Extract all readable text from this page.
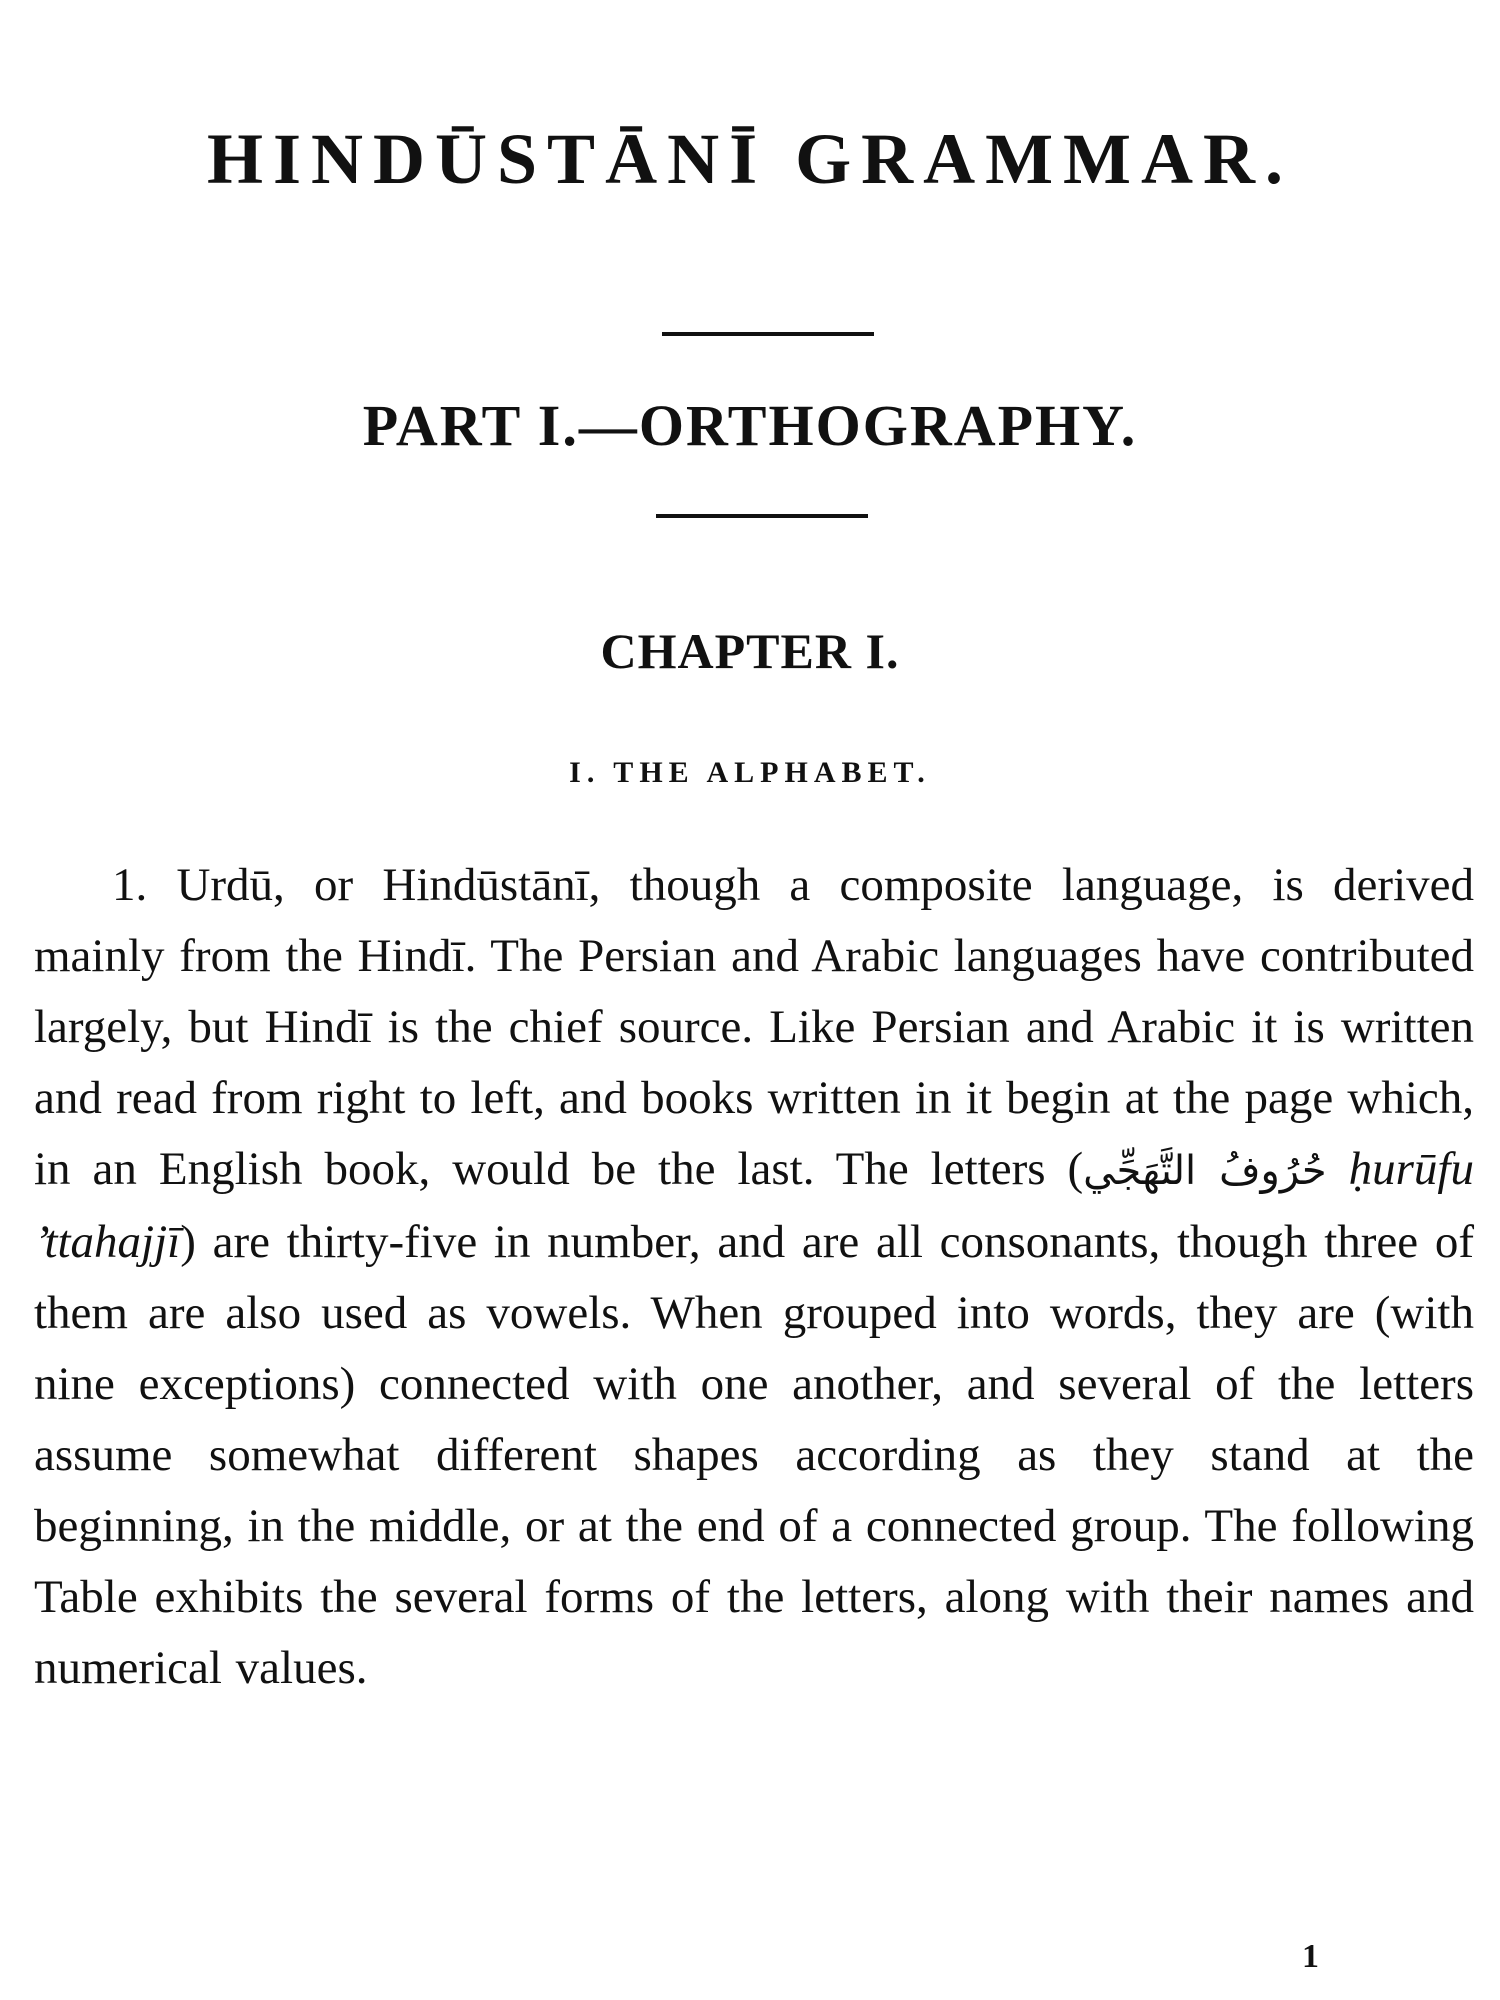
HINDŪSTĀNĪ GRAMMAR.
PART I.—ORTHOGRAPHY.
CHAPTER I.
I. THE ALPHABET.

1. Urdū, or Hindūstānī, though a composite language, is derived mainly from the Hindī. The Persian and Arabic languages have contributed largely, but Hindī is the chief source. Like Persian and Arabic it is written and read from right to left, and books written in it begin at the page which, in an English book, would be the last. The letters (حُرُوفُ التَّهَجِّي ḥurūfu ’ttahajjī) are thirty-five in number, and are all consonants, though three of them are also used as vowels. When grouped into words, they are (with nine exceptions) connected with one another, and several of the letters assume somewhat different shapes according as they stand at the beginning, in the middle, or at the end of a connected group. The following Table exhibits the several forms of the letters, along with their names and numerical values.

1
